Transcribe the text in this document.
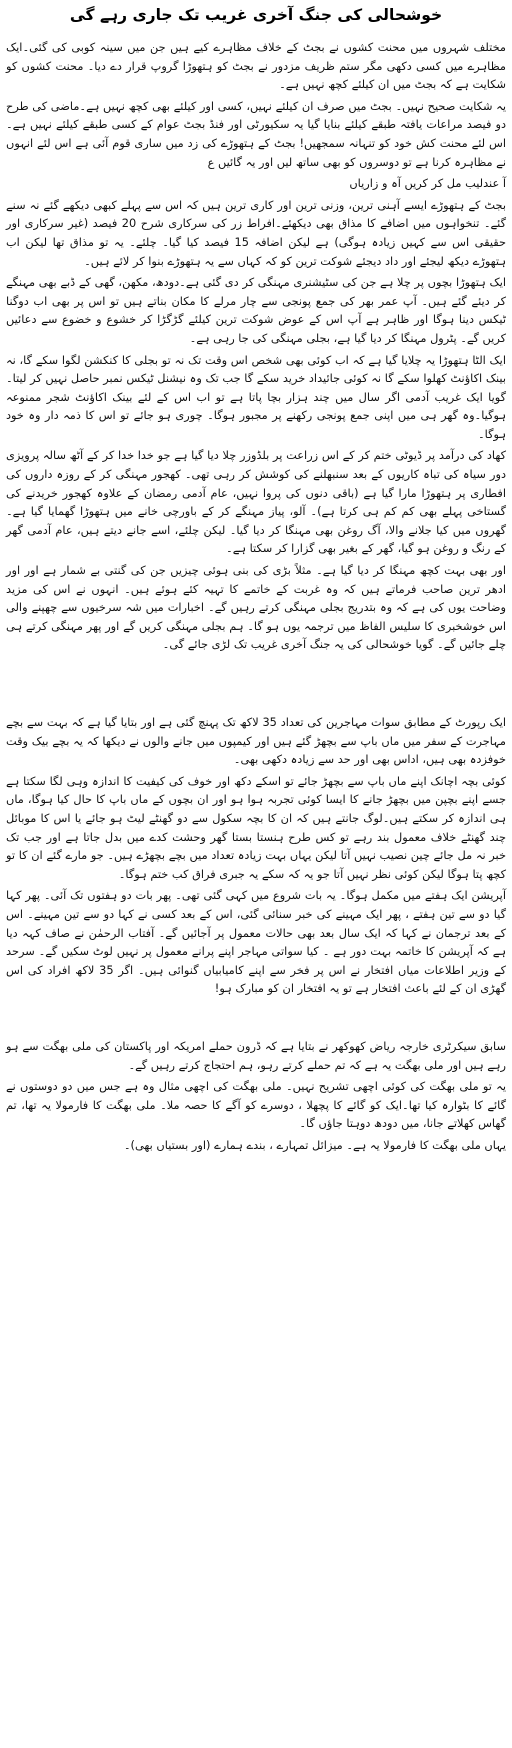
خوشحالی کی جنگ آخری غریب تک جاری رہے گی

مختلف شہروں میں محنت کشوں نے بجٹ کے خلاف مظاہرے کیے ہیں جن میں سینہ کوبی کی گئی۔ایک مظاہرے میں کسی دکھی مگر ستم ظریف مزدور نے بجٹ کو ہتھوڑا گروپ قرار دے دیا۔ محنت کشوں کو شکایت ہے کہ بجٹ میں ان کیلئے کچھ نہیں ہے۔

یہ شکایت صحیح نہیں۔ بجٹ میں صرف ان کیلئے نہیں، کسی اور کیلئے بھی کچھ نہیں ہے۔ماضی کی طرح دو فیصد مراعات یافتہ طبقے کیلئے بنایا گیا یہ سکیورٹی اور فنڈ بجٹ عوام کے کسی طبقے کیلئے نہیں ہے۔اس لئے محنت کش خود کو تنہانہ سمجھیں! بجٹ کے ہتھوڑے کی زد میں ساری قوم آئی ہے اس لئے انہوں نے مظاہرہ کرنا ہے تو دوسروں کو بھی ساتھ لیں اور یہ گائیں ع

آ عندلیب مل کر کریں آہ و زاریاں

بجٹ کے ہتھوڑے ایسے آہنی ترین، وزنی ترین اور کاری ترین ہیں کہ اس سے پہلے کبھی دیکھے گئے نہ سنے گئے۔ تنخواہوں میں اضافے کا مذاق بھی دیکھئے۔افراط زر کی سرکاری شرح 20 فیصد (غیر سرکاری اور حقیقی اس سے کہیں زیادہ ہوگی) ہے لیکن اضافہ 15 فیصد کیا گیا۔ چلئے۔ یہ تو مذاق تھا لیکن اب ہتھوڑے دیکھ لیجئے اور داد دیجئے شوکت ترین کو کہ کہاں سے یہ ہتھوڑے بنوا کر لائے ہیں۔

ایک ہتھوڑا بچوں پر چلا ہے جن کی سٹیشنری مہنگی کر دی گئی ہے۔دودھ، مکھن، گھی کے ڈبے بھی مہنگے کر دیئے گئے ہیں۔ آپ عمر بھر کی جمع پونجی سے چار مرلے کا مکان بناتے ہیں تو اس پر بھی اب دوگنا ٹیکس دینا ہوگا اور ظاہر ہے آپ اس کے عوض شوکت ترین کیلئے گڑگڑا کر خشوع و خضوع سے دعائیں کریں گے۔ پٹرول مہنگا کر دیا گیا ہے، بجلی مہنگی کی جا رہی ہے۔

ایک الٹا ہتھوڑا یہ چلایا گیا ہے کہ اب کوئی بھی شخص اس وقت تک نہ تو بجلی کا کنکشن لگوا سکے گا، نہ بینک اکاؤنٹ کھلوا سکے گا نہ کوئی جائیداد خرید سکے گا جب تک وہ نیشنل ٹیکس نمبر حاصل نہیں کر لیتا۔گویا ایک غریب آدمی اگر سال میں چند ہزار بچا پاتا ہے تو اب اس کے لئے بینک اکاؤنٹ شجر ممنوعہ ہوگیا۔وہ گھر ہی میں اپنی جمع پونجی رکھنے پر مجبور ہوگا۔ چوری ہو جائے تو اس کا ذمہ دار وہ خود ہوگا۔

کھاد کی درآمد پر ڈیوٹی ختم کر کے اس زراعت پر بلڈوزر چلا دیا گیا ہے جو خدا خدا کر کے آٹھ سالہ پرویزی دور سیاہ کی تباہ کاریوں کے بعد سنبھلنے کی کوشش کر رہی تھی۔ کھجور مہنگی کر کے روزہ داروں کی افطاری پر ہتھوڑا مارا گیا ہے (باقی دنوں کی پروا نہیں، عام آدمی رمضان کے علاوہ کھجور خریدنے کی گستاخی پہلے بھی کم کم ہی کرتا ہے)۔ آلو، پیاز مہنگے کر کے باورچی خانے میں ہتھوڑا گھمایا گیا ہے۔ گھروں میں کیا جلانے والا، آگ روغن بھی مہنگا کر دیا گیا۔ لیکن چلئے، اسے جانے دیتے ہیں، عام آدمی گھر کے رنگ و روغن ہو گیا، گھر کے بغیر بھی گزارا کر سکتا ہے۔

اور بھی بہت کچھ مہنگا کر دیا گیا ہے۔ مثلاً بڑی کی بنی ہوئی چیزیں جن کی گنتی بے شمار ہے اور اور ادھر ترین صاحب فرماتے ہیں کہ وہ غربت کے خاتمے کا تہیہ کئے ہوئے ہیں۔ انہوں نے اس کی مزید وضاحت یوں کی ہے کہ وہ بتدریج بجلی مہنگی کرتے رہیں گے۔ اخبارات میں شہ سرخیوں سے چھپنے والی اس خوشخبری کا سلیس الفاظ میں ترجمہ یوں ہو گا۔ ہم بجلی مہنگی کریں گے اور پھر مہنگی کرتے ہی چلے جائیں گے۔ گویا خوشحالی کی یہ جنگ آخری غریب تک لڑی جائے گی۔

ایک رپورٹ کے مطابق سوات مہاجرین کی تعداد 35 لاکھ تک پہنچ گئی ہے اور بتایا گیا ہے کہ بہت سے بچے مہاجرت کے سفر میں ماں باپ سے بچھڑ گئے ہیں اور کیمپوں میں جانے والوں نے دیکھا کہ یہ بچے بیک وقت خوفزدہ بھی ہیں، اداس بھی اور حد سے زیادہ دکھی بھی۔

کوئی بچہ اچانک اپنے ماں باپ سے بچھڑ جائے تو اسکے دکھ اور خوف کی کیفیت کا اندازہ وہی لگا سکتا ہے جسے اپنے بچپن میں بچھڑ جانے کا ایسا کوئی تجربہ ہوا ہو اور ان بچوں کے ماں باپ کا حال کیا ہوگا، ماں ہی اندازہ کر سکتے ہیں۔لوگ جانتے ہیں کہ ان کا بچہ سکول سے دو گھنٹے لیٹ ہو جائے یا اس کا موبائل چند گھنٹے خلاف معمول بند رہے تو کس طرح ہنستا بستا گھر وحشت کدے میں بدل جاتا ہے اور جب تک خبر نہ مل جائے چین نصیب نہیں آتا لیکن یہاں بہت زیادہ تعداد میں بچے بچھڑے ہیں۔ جو مارے گئے ان کا تو کچھ پتا ہوگا لیکن کوئی نظر نہیں آتا جو یہ کہ سکے یہ جبری فراق کب ختم ہوگا۔

آپریشن ایک ہفتے میں مکمل ہوگا۔ یہ بات شروع میں کہی گئی تھی۔ پھر بات دو ہفتوں تک آئی۔ پھر کہا گیا دو سے تین ہفتے ، پھر ایک مہینے کی خبر سنائی گئی، اس کے بعد کسی نے کہا دو سے تین مہینے۔ اس کے بعد ترجمان نے کہا کہ ایک سال بعد بھی حالات معمول پر آجائیں گے۔ آفتاب الرحمٰن نے صاف کہہ دیا ہے کہ آپریشن کا خاتمہ بہت دور ہے ۔ کیا سواتی مہاجر اپنے پرانے معمول پر نہیں لوٹ سکیں گے۔ سرحد کے وزیر اطلاعات میاں افتخار نے اس پر فخر سے اپنے کامیابیاں گنوائی ہیں۔ اگر 35 لاکھ افراد کی اس گھڑی ان کے لئے باعث افتخار ہے تو یہ افتخار ان کو مبارک ہو!

سابق سیکرٹری خارجہ ریاض کھوکھر نے بتایا ہے کہ ڈرون حملے امریکہ اور پاکستان کی ملی بھگت سے ہو رہے ہیں اور ملی بھگت یہ ہے کہ تم حملے کرتے رہو، ہم احتجاج کرتے رہیں گے۔

یہ تو ملی بھگت کی کوئی اچھی تشریح نہیں۔ ملی بھگت کی اچھی مثال وہ ہے جس میں دو دوستوں نے گائے کا بٹوارہ کیا تھا۔ایک کو گائے کا پچھلا ، دوسرے کو آگے کا حصہ ملا۔ ملی بھگت کا فارمولا یہ تھا، تم گھاس کھلاتے جانا، میں دودھ دوہتا جاؤں گا۔

یہاں ملی بھگت کا فارمولا یہ ہے۔ میزائل تمہارے ، بندے ہمارے (اور بستیاں بھی)۔
